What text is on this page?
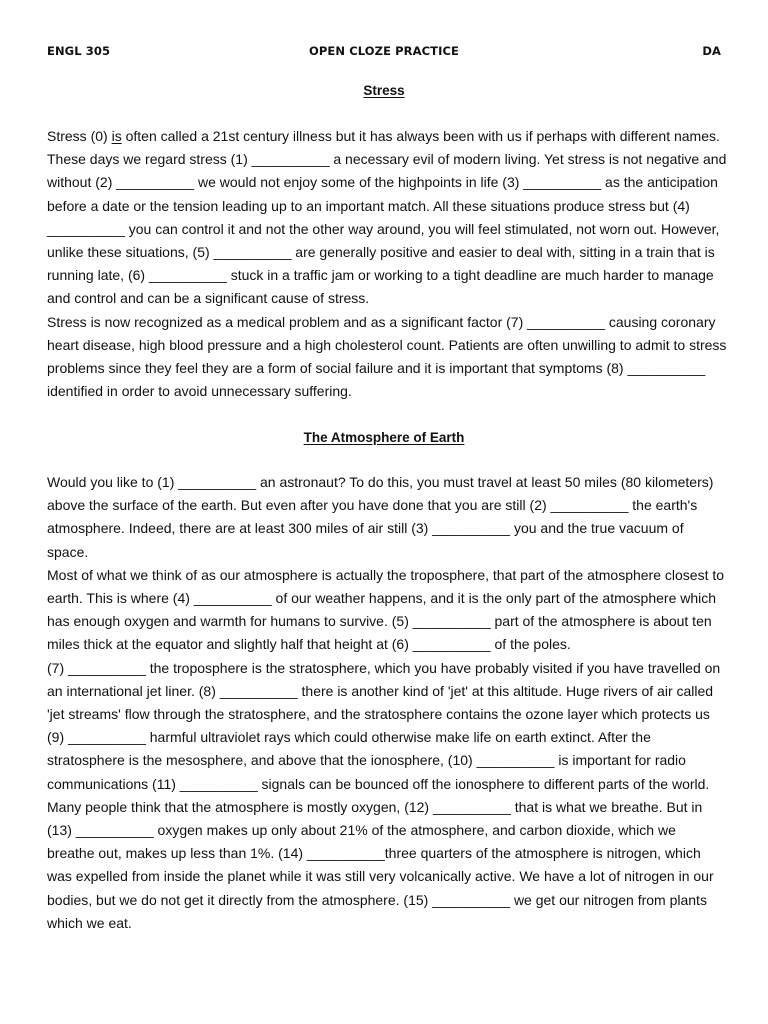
ENGL 305	OPEN CLOZE PRACTICE	DA
Stress

Stress (0) is often called a 21st century illness but it has always been with us if perhaps with different names. These days we regard stress (1) __________ a necessary evil of modern living. Yet stress is not negative and without (2) __________ we would not enjoy some of the highpoints in life (3) __________ as the anticipation before a date or the tension leading up to an important match. All these situations produce stress but (4) __________ you can control it and not the other way around, you will feel stimulated, not worn out. However, unlike these situations, (5) __________ are generally positive and easier to deal with, sitting in a train that is running late, (6) __________ stuck in a traffic jam or working to a tight deadline are much harder to manage and control and can be a significant cause of stress.

Stress is now recognized as a medical problem and as a significant factor (7) __________ causing coronary heart disease, high blood pressure and a high cholesterol count. Patients are often unwilling to admit to stress problems since they feel they are a form of social failure and it is important that symptoms (8) __________ identified in order to avoid unnecessary suffering.

The Atmosphere of Earth

Would you like to (1) __________ an astronaut? To do this, you must travel at least 50 miles (80 kilometers) above the surface of the earth. But even after you have done that you are still (2) __________ the earth's atmosphere. Indeed, there are at least 300 miles of air still (3) __________ you and the true vacuum of space.

Most of what we think of as our atmosphere is actually the troposphere, that part of the atmosphere closest to earth. This is where (4) __________ of our weather happens, and it is the only part of the atmosphere which has enough oxygen and warmth for humans to survive. (5) __________ part of the atmosphere is about ten miles thick at the equator and slightly half that height at (6) __________ of the poles.

(7) __________ the troposphere is the stratosphere, which you have probably visited if you have travelled on an international jet liner. (8) __________ there is another kind of 'jet' at this altitude. Huge rivers of air called 'jet streams' flow through the stratosphere, and the stratosphere contains the ozone layer which protects us (9) __________ harmful ultraviolet rays which could otherwise make life on earth extinct. After the stratosphere is the mesosphere, and above that the ionosphere, (10) __________ is important for radio communications (11) __________ signals can be bounced off the ionosphere to different parts of the world. Many people think that the atmosphere is mostly oxygen, (12) __________ that is what we breathe. But in (13) __________ oxygen makes up only about 21% of the atmosphere, and carbon dioxide, which we breathe out, makes up less than 1%. (14) __________three quarters of the atmosphere is nitrogen, which was expelled from inside the planet while it was still very volcanically active. We have a lot of nitrogen in our bodies, but we do not get it directly from the atmosphere. (15) __________ we get our nitrogen from plants which we eat.
